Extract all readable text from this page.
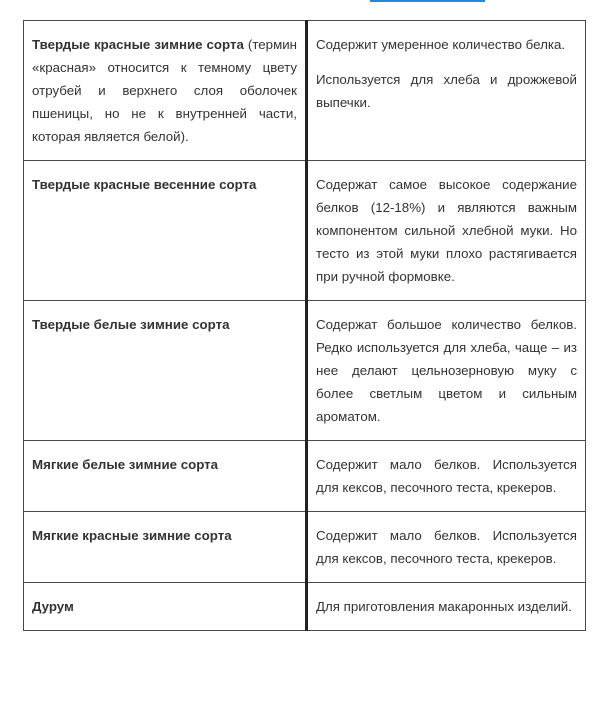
Твердые красные зимние сорта (термин «красная» относится к темному цвету отрубей и верхнего слоя оболочек пшеницы, но не к внутренней части, которая является белой).	Содержит умеренное количество белка.

Используется для хлеба и дрожжевой выпечки.

Твердые красные весенние сорта	Содержат самое высокое содержание белков (12-18%) и являются важным компонентом сильной хлебной муки. Но тесто из этой муки плохо растягивается при ручной формовке.

Твердые белые зимние сорта	Содержат большое количество белков. Редко используется для хлеба, чаще – из нее делают цельнозерновую муку с более светлым цветом и сильным ароматом.

Мягкие белые зимние сорта	Содержит мало белков. Используется для кексов, песочного теста, крекеров.

Мягкие красные зимние сорта	Содержит мало белков. Используется для кексов, песочного теста, крекеров.

Дурум	Для приготовления макаронных изделий.
